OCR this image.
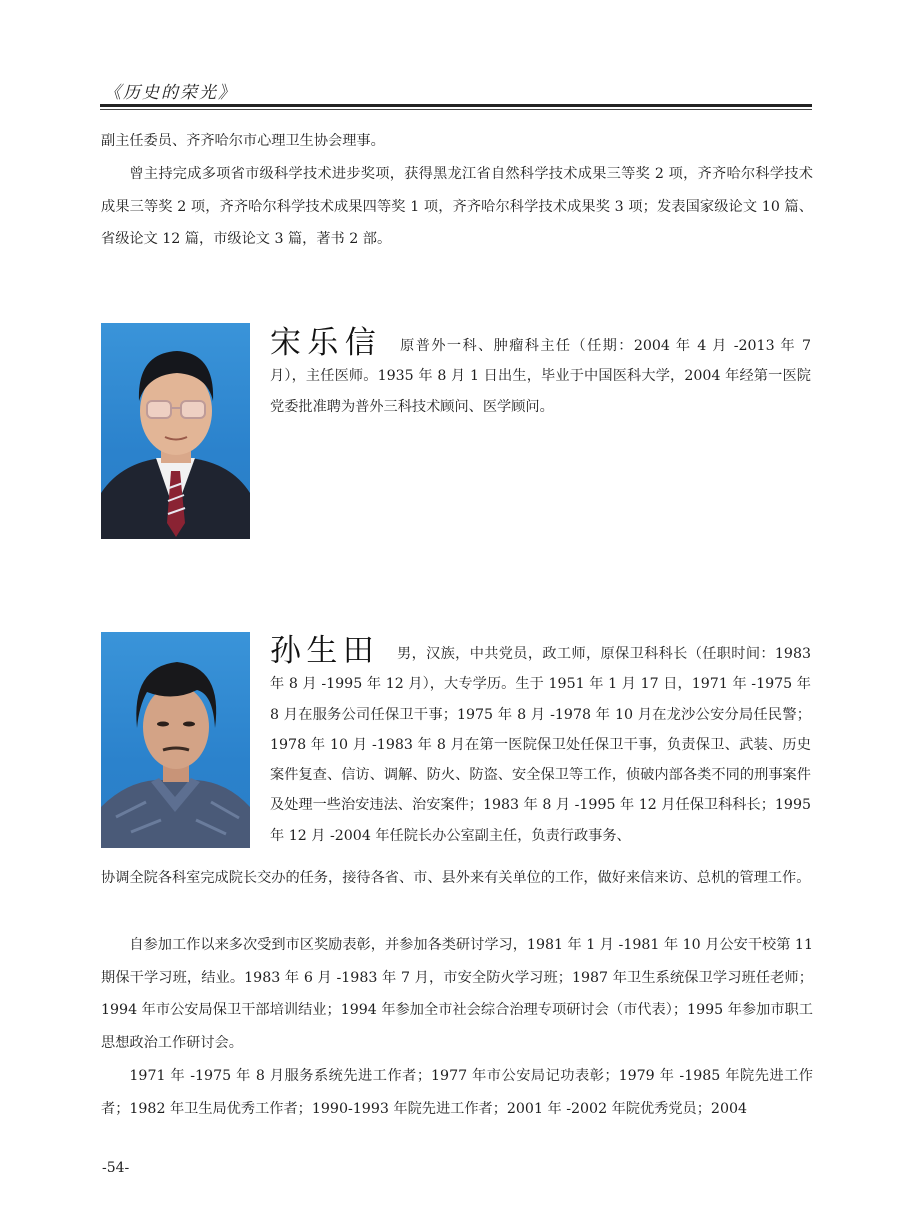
《历史的荣光》

副主任委员、齐齐哈尔市心理卫生协会理事。

曾主持完成多项省市级科学技术进步奖项，获得黑龙江省自然科学技术成果三等奖 2 项，齐齐哈尔科学技术成果三等奖 2 项，齐齐哈尔科学技术成果四等奖 1 项，齐齐哈尔科学技术成果奖 3 项；发表国家级论文 10 篇、省级论文 12 篇，市级论文 3 篇，著书 2 部。

宋乐信 原普外一科、肿瘤科主任（任期：2004 年 4 月 -2013 年 7 月），主任医师。1935 年 8 月 1 日出生，毕业于中国医科大学，2004 年经第一医院党委批准聘为普外三科技术顾问、医学顾问。

孙生田 男，汉族，中共党员，政工师，原保卫科科长（任职时间：1983 年 8 月 -1995 年 12 月），大专学历。生于 1951 年 1 月 17 日，1971 年 -1975 年 8 月在服务公司任保卫干事；1975 年 8 月 -1978 年 10 月在龙沙公安分局任民警；1978 年 10 月 -1983 年 8 月在第一医院保卫处任保卫干事，负责保卫、武装、历史案件复查、信访、调解、防火、防盗、安全保卫等工作，侦破内部各类不同的刑事案件及处理一些治安违法、治安案件；1983 年 8 月 -1995 年 12 月任保卫科科长；1995 年 12 月 -2004 年任院长办公室副主任，负责行政事务、

协调全院各科室完成院长交办的任务，接待各省、市、县外来有关单位的工作，做好来信来访、总机的管理工作。

自参加工作以来多次受到市区奖励表彰，并参加各类研讨学习，1981 年 1 月 -1981 年 10 月公安干校第 11 期保干学习班，结业。1983 年 6 月 -1983 年 7 月，市安全防火学习班；1987 年卫生系统保卫学习班任老师；1994 年市公安局保卫干部培训结业；1994 年参加全市社会综合治理专项研讨会（市代表）；1995 年参加市职工思想政治工作研讨会。

1971 年 -1975 年 8 月服务系统先进工作者；1977 年市公安局记功表彰；1979 年 -1985 年院先进工作者；1982 年卫生局优秀工作者；1990-1993 年院先进工作者；2001 年 -2002 年院优秀党员；2004

-54-
